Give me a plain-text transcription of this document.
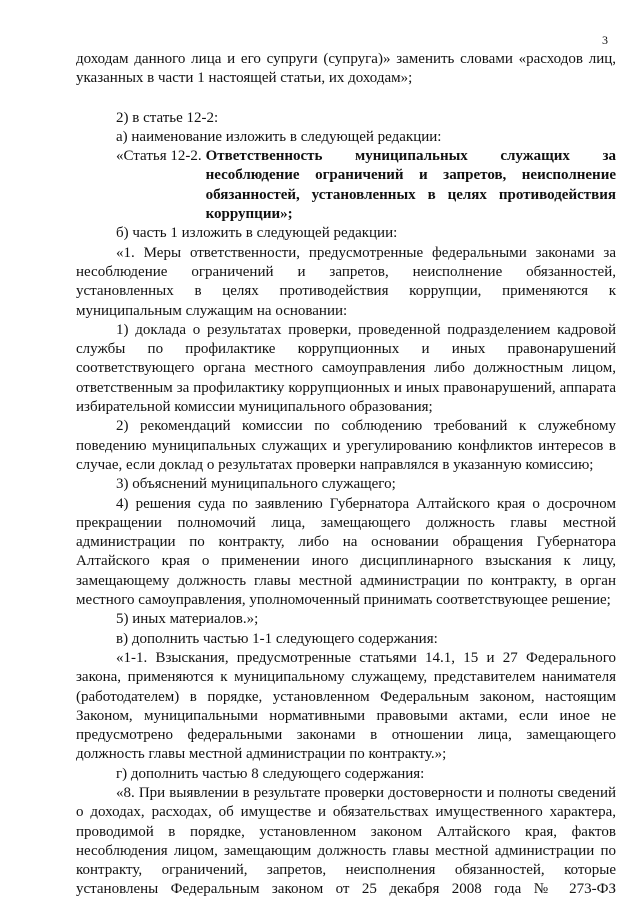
3

доходам данного лица и его супруги (супруга)» заменить словами «расходов лиц, указанных в части 1 настоящей статьи, их доходам»;

2) в статье 12-2:

а) наименование изложить в следующей редакции:

«Статья 12-2. Ответственность муниципальных служащих за несоблюдение ограничений и запретов, неисполнение обязанностей, установленных в целях противодействия коррупции»;

б) часть 1 изложить в следующей редакции:

«1. Меры ответственности, предусмотренные федеральными законами за несоблюдение ограничений и запретов, неисполнение обязанностей, установленных в целях противодействия коррупции, применяются к муниципальным служащим на основании:

1) доклада о результатах проверки, проведенной подразделением кадровой службы по профилактике коррупционных и иных правонарушений соответствующего органа местного самоуправления либо должностным лицом, ответственным за профилактику коррупционных и иных правонарушений, аппарата избирательной комиссии муниципального образования;

2) рекомендаций комиссии по соблюдению требований к служебному поведению муниципальных служащих и урегулированию конфликтов интересов в случае, если доклад о результатах проверки направлялся в указанную комиссию;

3) объяснений муниципального служащего;

4) решения суда по заявлению Губернатора Алтайского края о досрочном прекращении полномочий лица, замещающего должность главы местной администрации по контракту, либо на основании обращения Губернатора Алтайского края о применении иного дисциплинарного взыскания к лицу, замещающему должность главы местной администрации по контракту, в орган местного самоуправления, уполномоченный принимать соответствующее решение;

5) иных материалов.»;

в) дополнить частью 1-1 следующего содержания:

«1-1. Взыскания, предусмотренные статьями 14.1, 15 и 27 Федерального закона, применяются к муниципальному служащему, представителем нанимателя (работодателем) в порядке, установленном Федеральным законом, настоящим Законом, муниципальными нормативными правовыми актами, если иное не предусмотрено федеральными законами в отношении лица, замещающего должность главы местной администрации по контракту.»;

г) дополнить частью 8 следующего содержания:

«8. При выявлении в результате проверки достоверности и полноты сведений о доходах, расходах, об имуществе и обязательствах имущественного характера, проводимой в порядке, установленном законом Алтайского края, фактов несоблюдения лицом, замещающим должность главы местной администрации по контракту, ограничений, запретов, неисполнения обязанностей, которые установлены Федеральным законом от 25 декабря 2008 года № 273-ФЗ
